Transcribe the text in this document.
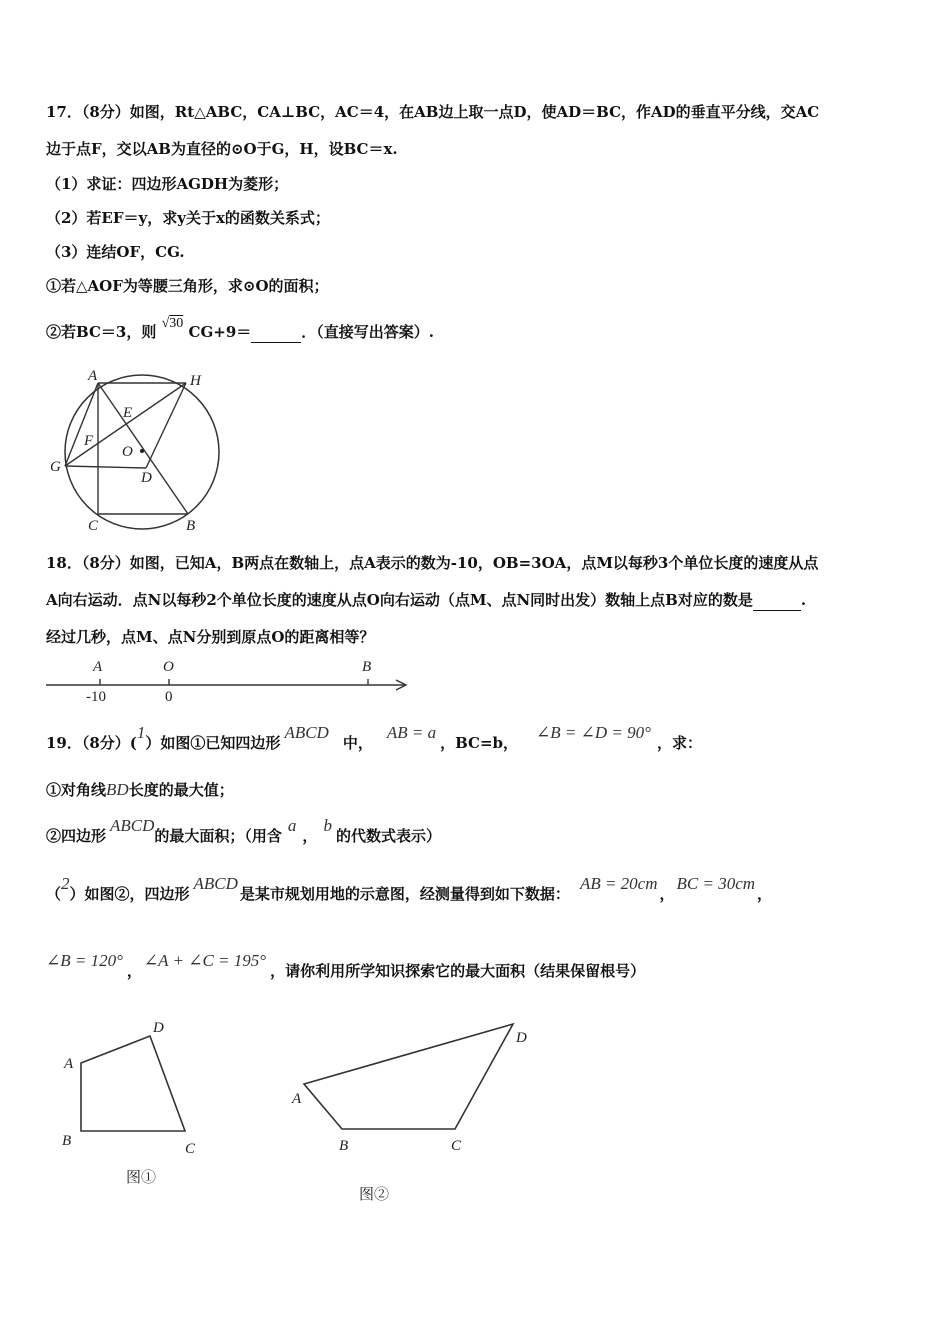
17．（8分）如图，Rt△ABC，CA⊥BC，AC＝4，在AB边上取一点D，使AD＝BC，作AD的垂直平分线，交AC
边于点F，交以AB为直径的⊙O于G，H，设BC＝x.
（1）求证：四边形AGDH为菱形；
（2）若EF＝y，求y关于x的函数关系式；
（3）连结OF，CG.
①若△AOF为等腰三角形，求⊙O的面积；
②若BC＝3，则 √30 CG+9＝	．（直接写出答案）.
A	H
E
F
O
G
D
C	B
18．（8分）如图，已知A，B两点在数轴上，点A表示的数为-10，OB=3OA，点M以每秒3个单位长度的速度从点
A向右运动．点N以每秒2个单位长度的速度从点O向右运动（点M、点N同时出发）数轴上点B对应的数是	.
经过几秒，点M、点N分别到原点O的距离相等？
A	O	B
-10	0
19．（8分）(1）如图①已知四边形ABCD中，AB = a，BC=b，∠B = ∠D = 90°，求：
①对角线BD长度的最大值；
②四边形ABCD的最大面积；（用含a，b的代数式表示）
（2）如图②，四边形ABCD是某市规划用地的示意图，经测量得到如下数据：AB = 20cm，BC = 30cm，
∠B = 120°，∠A + ∠C = 195°，请你利用所学知识探索它的最大面积（结果保留根号）
A
D
B	C
图①
A
D
B	C
图②
